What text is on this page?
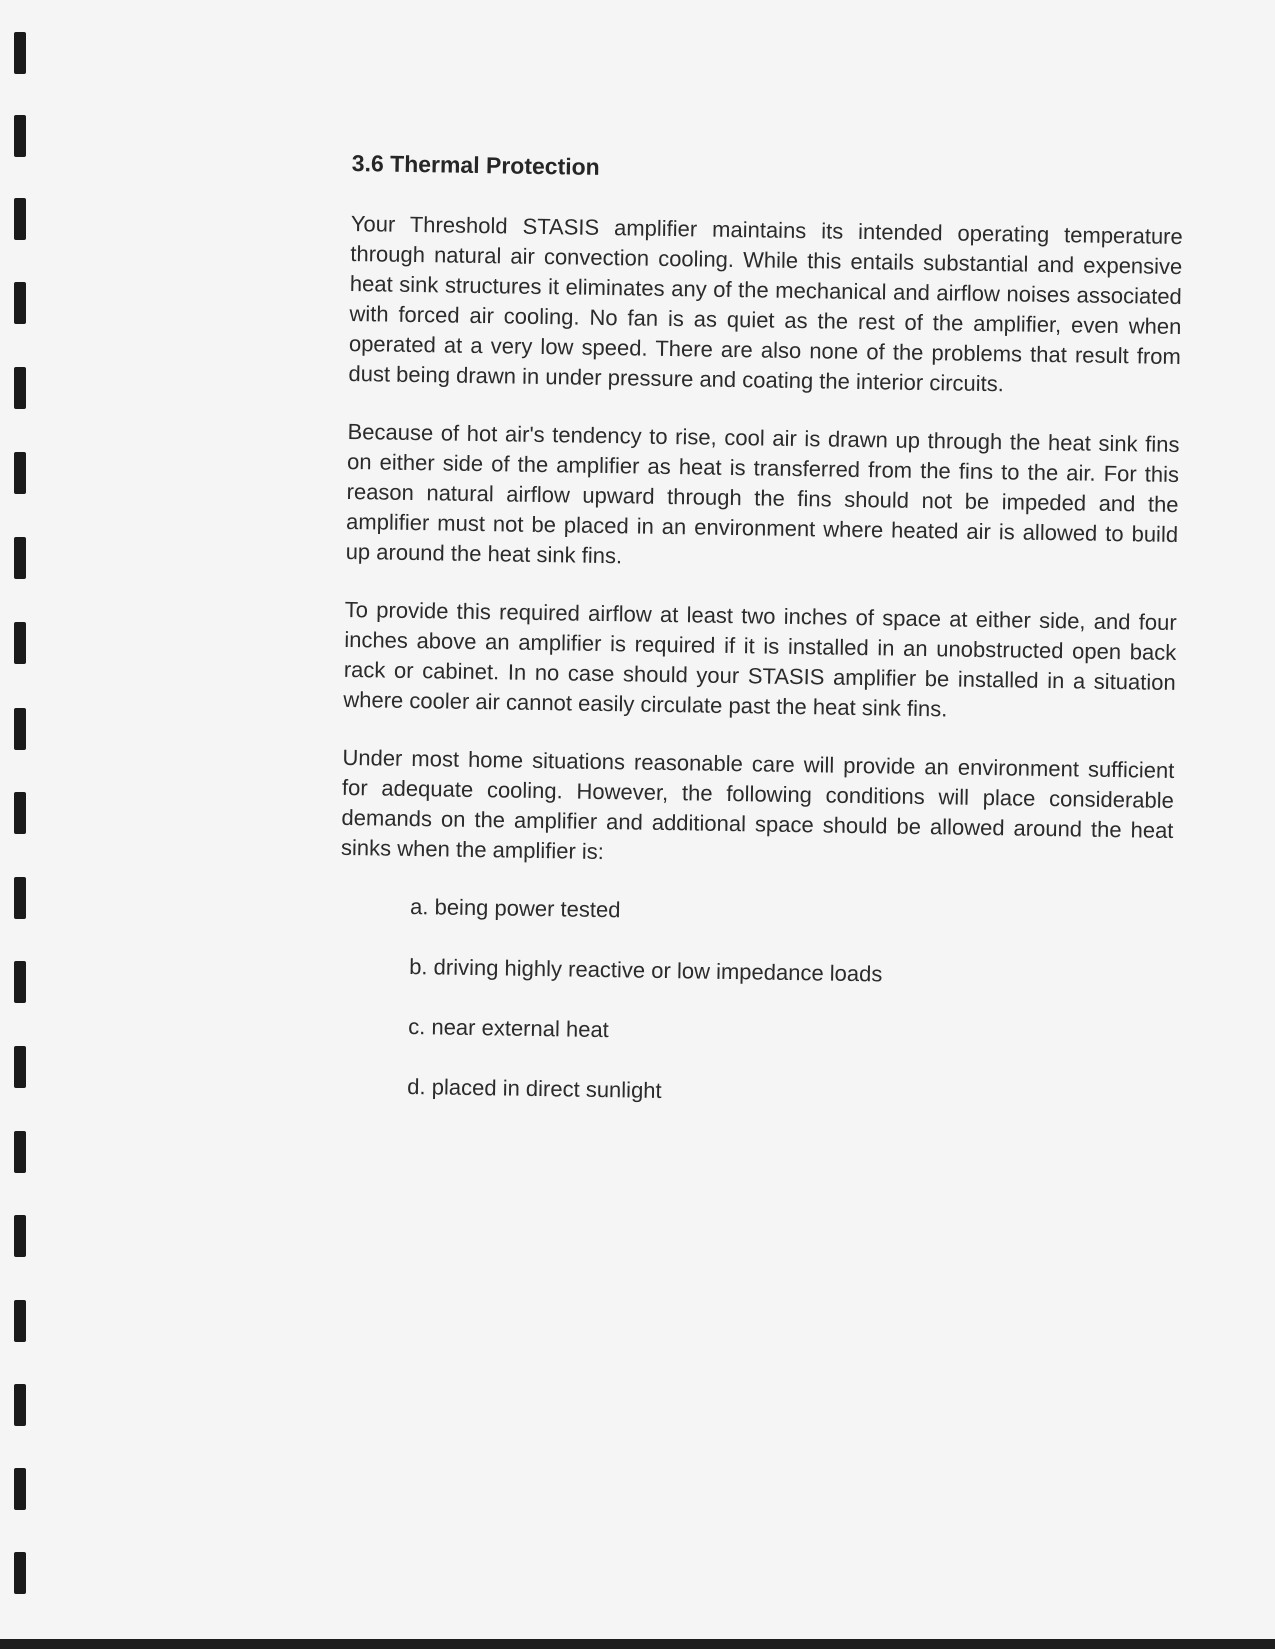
3.6 Thermal Protection

Your Threshold STASIS amplifier maintains its intended operating temperature through natural air convection cooling. While this entails substantial and expensive heat sink structures it eliminates any of the mechanical and airflow noises associated with forced air cooling. No fan is as quiet as the rest of the amplifier, even when operated at a very low speed. There are also none of the problems that result from dust being drawn in under pressure and coating the interior circuits.

Because of hot air's tendency to rise, cool air is drawn up through the heat sink fins on either side of the amplifier as heat is transferred from the fins to the air. For this reason natural airflow upward through the fins should not be impeded and the amplifier must not be placed in an environment where heated air is allowed to build up around the heat sink fins.

To provide this required airflow at least two inches of space at either side, and four inches above an amplifier is required if it is installed in an unobstructed open back rack or cabinet. In no case should your STASIS amplifier be installed in a situation where cooler air cannot easily circulate past the heat sink fins.

Under most home situations reasonable care will provide an environment sufficient for adequate cooling. However, the following conditions will place considerable demands on the amplifier and additional space should be allowed around the heat sinks when the amplifier is:

a. being power tested
b. driving highly reactive or low impedance loads
c. near external heat
d. placed in direct sunlight
